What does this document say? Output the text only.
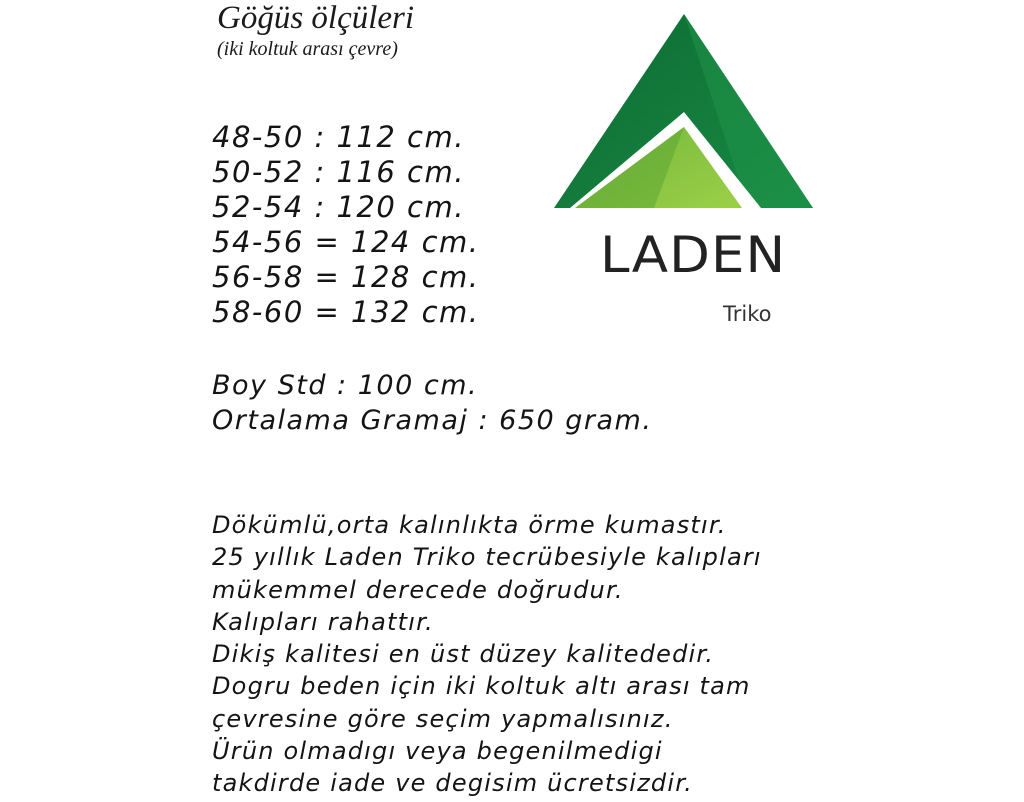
Göğüs ölçüleri
(iki koltuk arası çevre)
48-50 : 112 cm.
50-52 : 116 cm.
52-54 : 120 cm.
54-56 = 124 cm.
56-58 = 128 cm.
58-60 = 132 cm.
Boy Std : 100 cm.
Ortalama Gramaj : 650 gram.
Dökümlü,orta kalınlıkta örme kumastır.
25 yıllık Laden Triko tecrübesiyle kalıpları
mükemmel derecede doğrudur.
Kalıpları rahattır.
Dikiş kalitesi en üst düzey kalitededir.
Dogru beden için iki koltuk altı arası tam
çevresine göre seçim yapmalısınız.
Ürün olmadıgı veya begenilmedigi
takdirde iade ve degisim ücretsizdir.
LADEN
Triko
